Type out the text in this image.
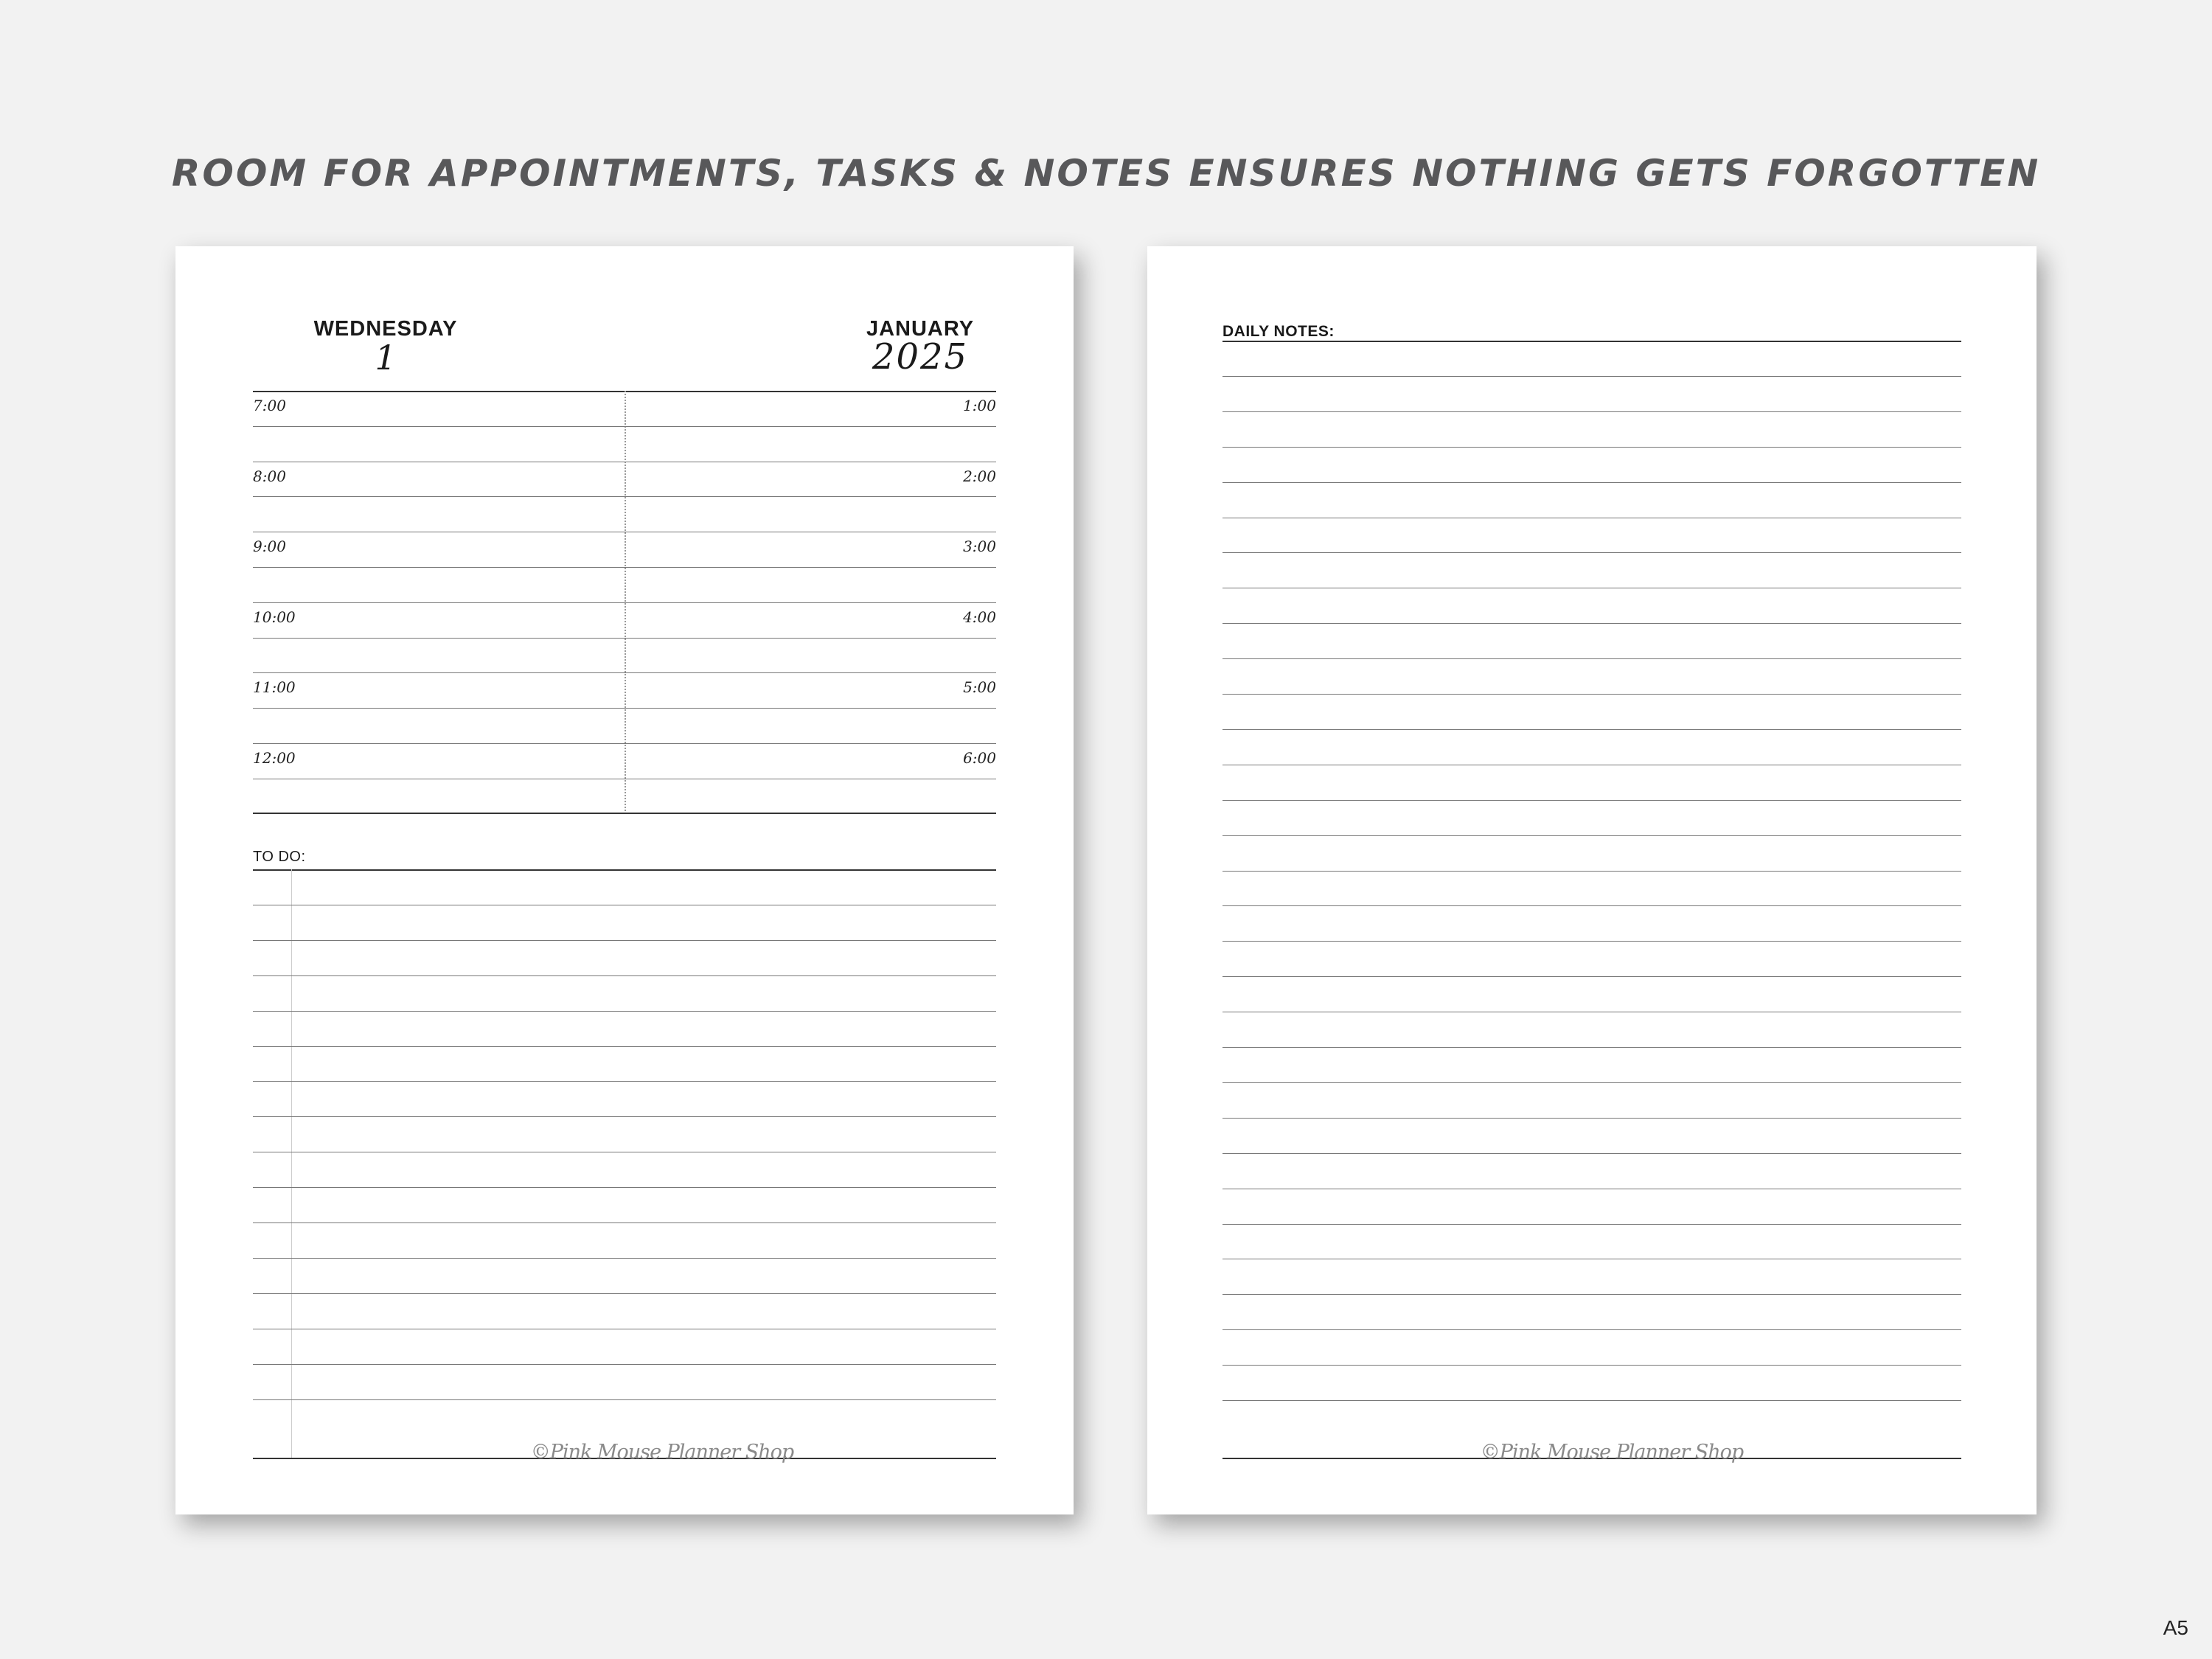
ROOM FOR APPOINTMENTS, TASKS & NOTES ENSURES NOTHING GETS FORGOTTEN
WEDNESDAY
1
JANUARY
2025
7:00	1:00
8:00	2:00
9:00	3:00
10:00	4:00
11:00	5:00
12:00	6:00
TO DO:
©Pink Mouse Planner Shop
DAILY NOTES:
©Pink Mouse Planner Shop
A5
